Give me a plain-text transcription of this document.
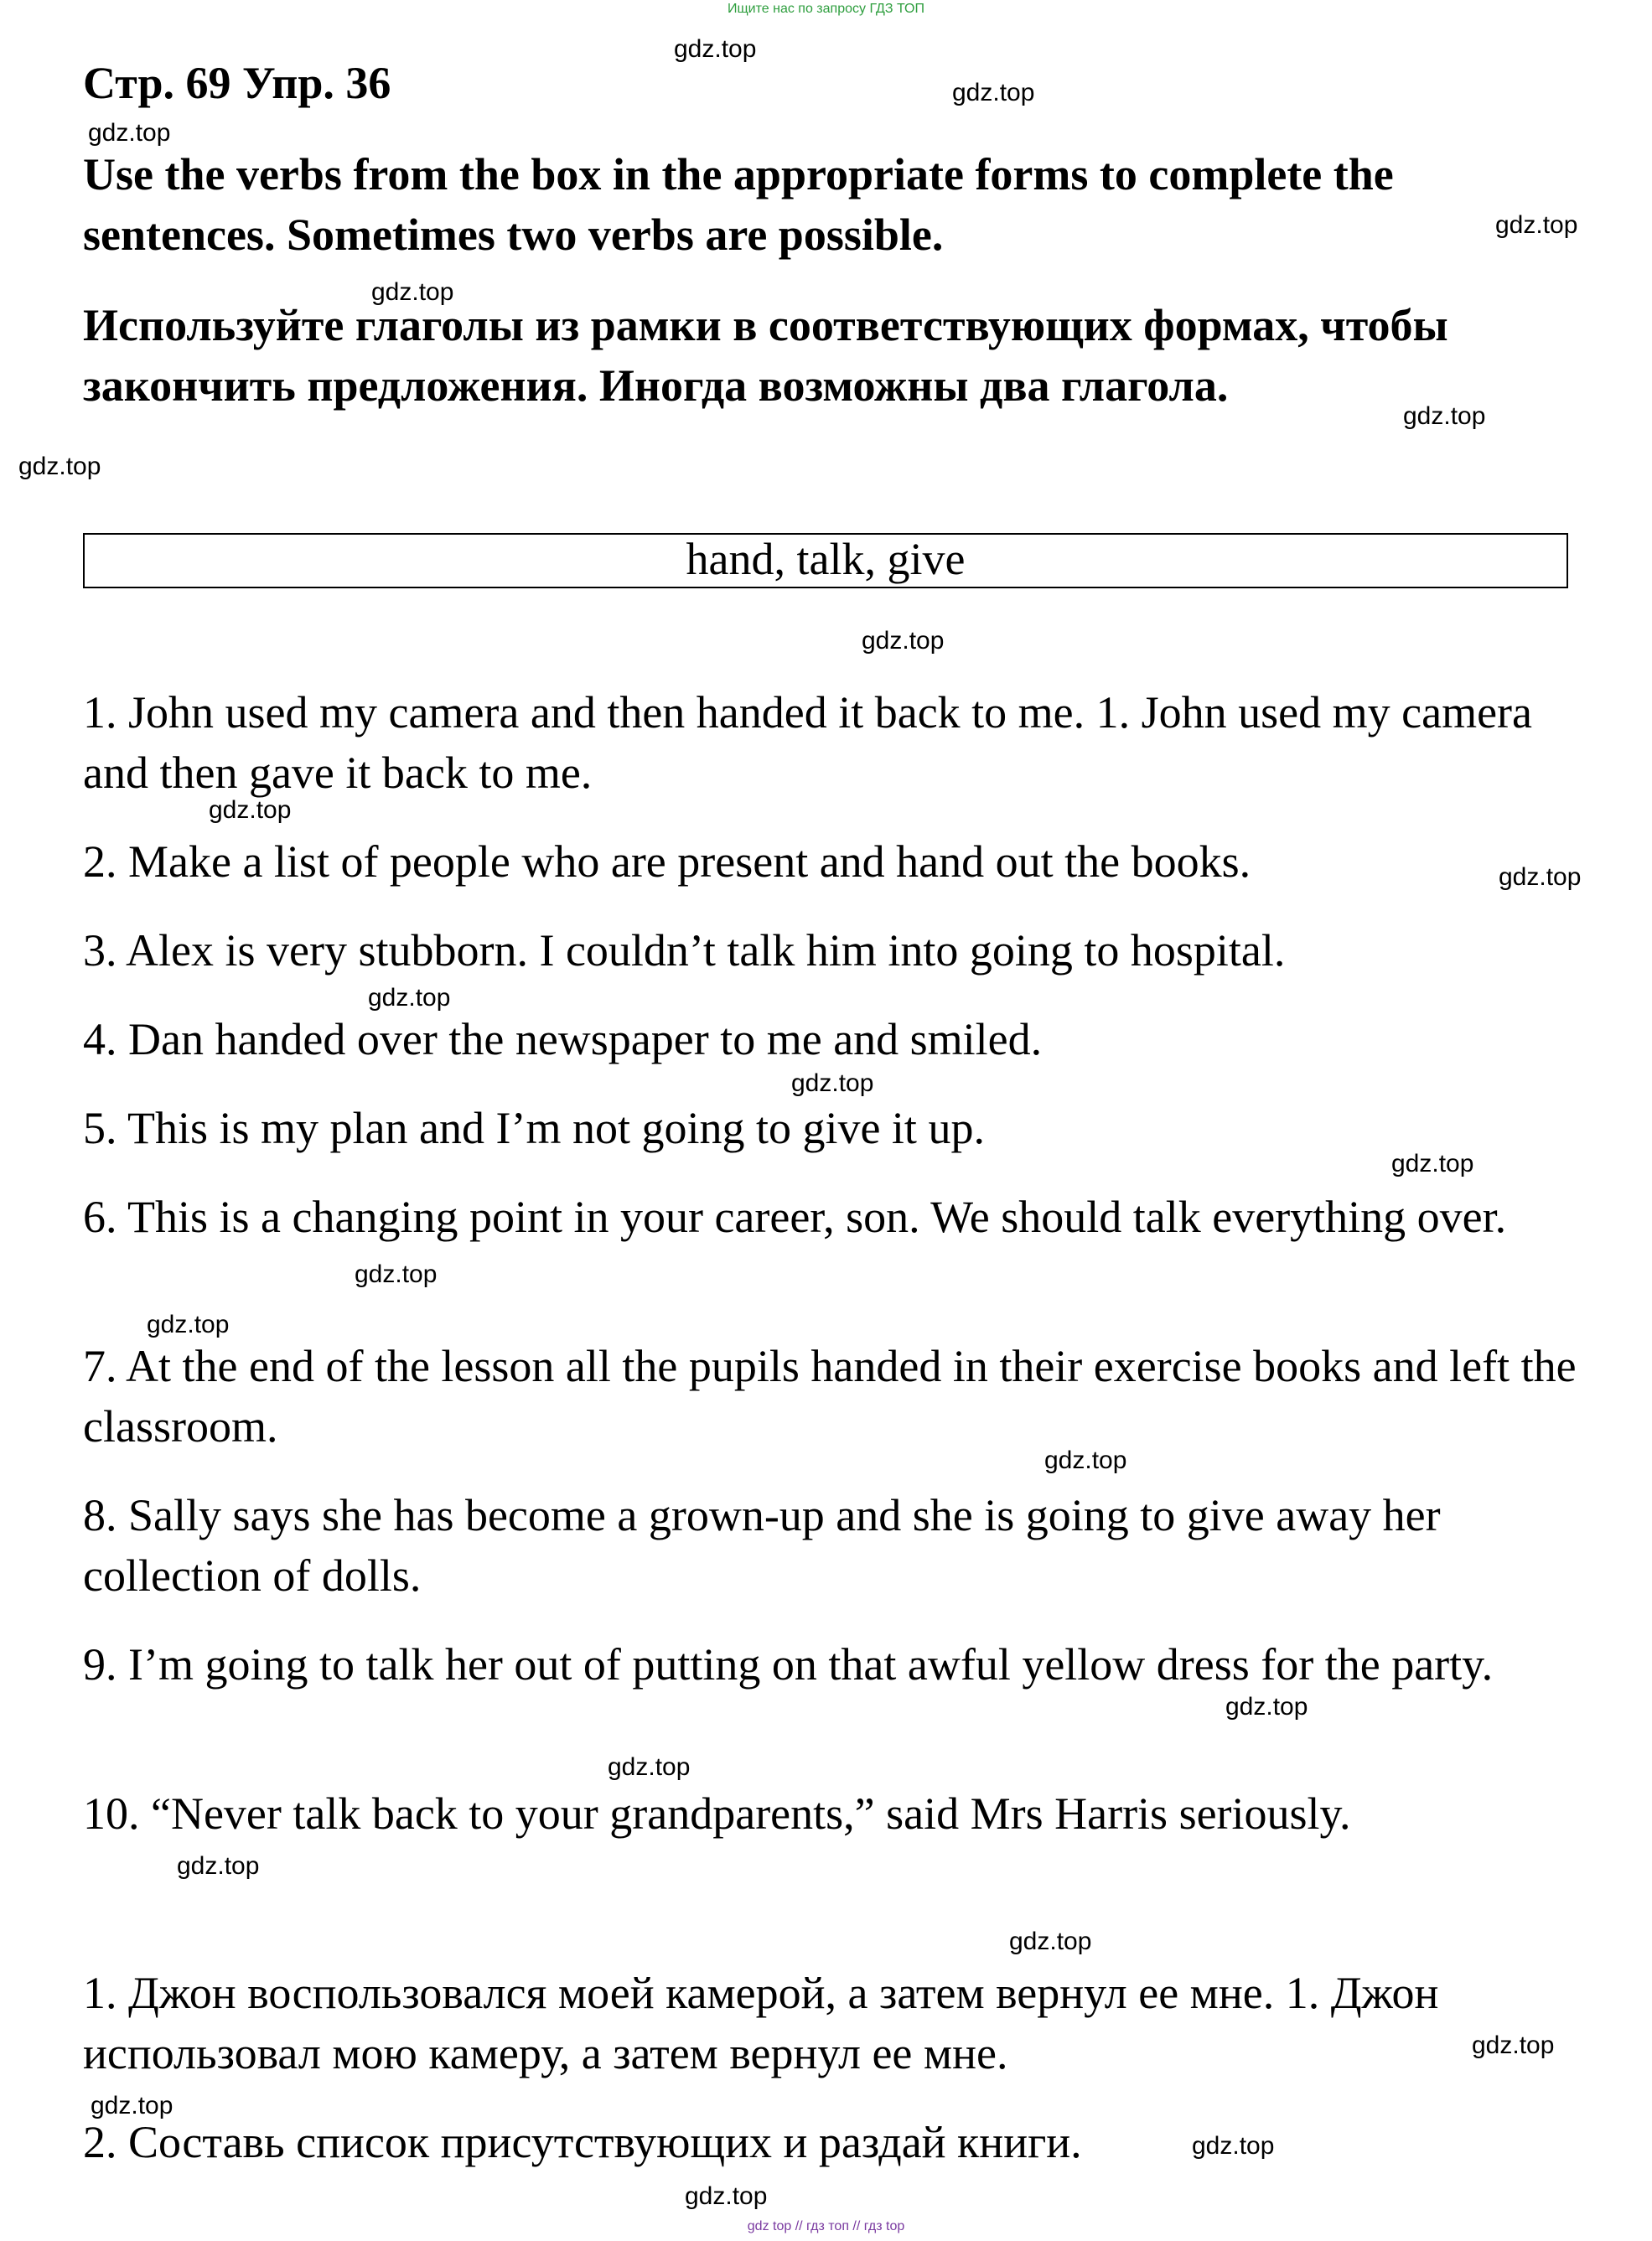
Ищите нас по запросу ГДЗ ТОП
Стр. 69 Упр. 36
Use the verbs from the box in the appropriate forms to complete the sentences. Sometimes two verbs are possible.
Используйте глаголы из рамки в соответствующих формах, чтобы закончить предложения. Иногда возможны два глагола.
hand, talk, give
1. John used my camera and then handed it back to me. 1. John used my camera and then gave it back to me.
2. Make a list of people who are present and hand out the books.
3. Alex is very stubborn. I couldn’t talk him into going to hospital.
4. Dan handed over the newspaper to me and smiled.
5. This is my plan and I’m not going to give it up.
6. This is a changing point in your career, son. We should talk everything over.
7. At the end of the lesson all the pupils handed in their exercise books and left the classroom.
8. Sally says she has become a grown-up and she is going to give away her collection of dolls.
9. I’m going to talk her out of putting on that awful yellow dress for the party.
10. “Never talk back to your grandparents,” said Mrs Harris seriously.
1. Джон воспользовался моей камерой, а затем вернул ее мне. 1. Джон использовал мою камеру, а затем вернул ее мне.
2. Составь список присутствующих и раздай книги.
gdz.top
gdz.top
gdz.top
gdz.top
gdz.top
gdz.top
gdz.top
gdz.top
gdz.top
gdz.top
gdz.top
gdz.top
gdz.top
gdz.top
gdz.top
gdz.top
gdz.top
gdz.top
gdz.top
gdz.top
gdz.top
gdz.top
gdz.top
gdz.top
gdz top // гдз топ // гдз top
